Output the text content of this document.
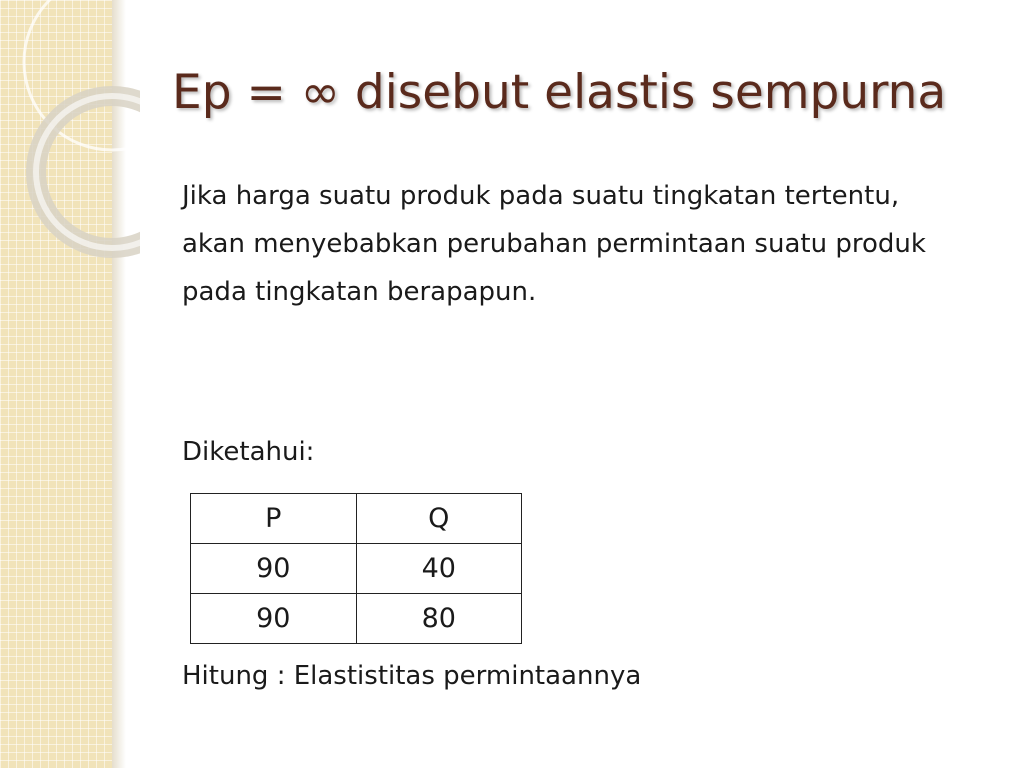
Ep = ∞ disebut elastis sempurna

Jika harga suatu produk pada suatu tingkatan tertentu, akan menyebabkan perubahan permintaan suatu produk pada tingkatan berapapun.

Diketahui:

P	Q
90	40
90	80

Hitung : Elastistitas permintaannya
